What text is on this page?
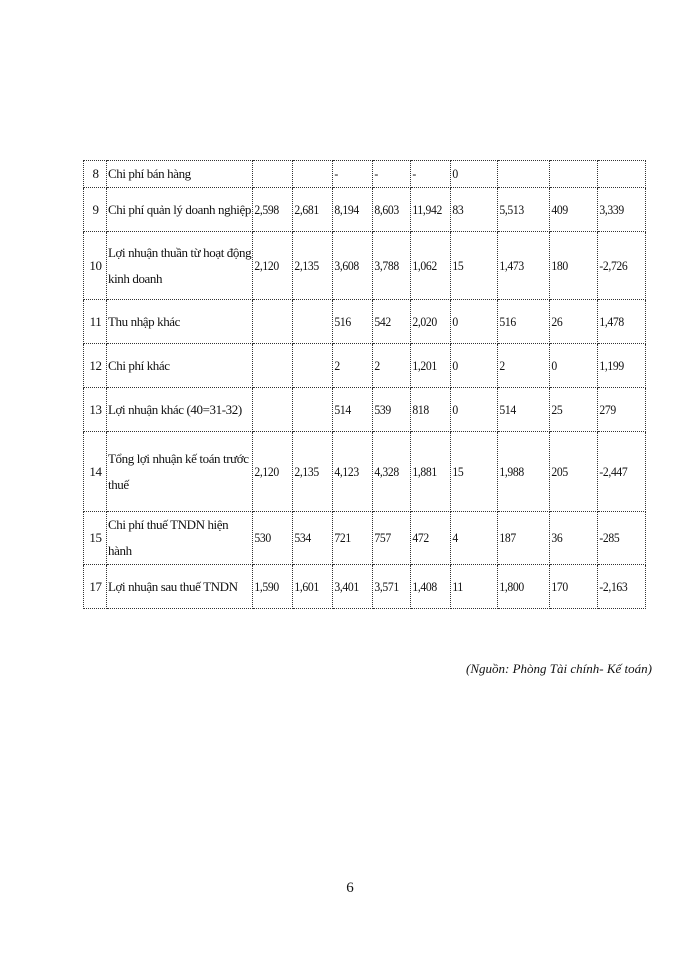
8	Chi phí bán hàng			-	-	-	0			
9	Chi phí quản lý doanh nghiệp	2,598	2,681	8,194	8,603	11,942	83	5,513	409	3,339
10	Lợi nhuận thuần từ hoạt động kinh doanh	2,120	2,135	3,608	3,788	1,062	15	1,473	180	-2,726
11	Thu nhập khác			516	542	2,020	0	516	26	1,478
12	Chi phí khác			2	2	1,201	0	2	0	1,199
13	Lợi nhuận khác (40=31-32)			514	539	818	0	514	25	279
14	Tổng lợi nhuận kế toán trước thuế	2,120	2,135	4,123	4,328	1,881	15	1,988	205	-2,447
15	Chi phí thuế TNDN hiện hành	530	534	721	757	472	4	187	36	-285
17	Lợi nhuận sau thuế TNDN	1,590	1,601	3,401	3,571	1,408	11	1,800	170	-2,163
(Nguồn: Phòng Tài chính- Kế toán)
6
